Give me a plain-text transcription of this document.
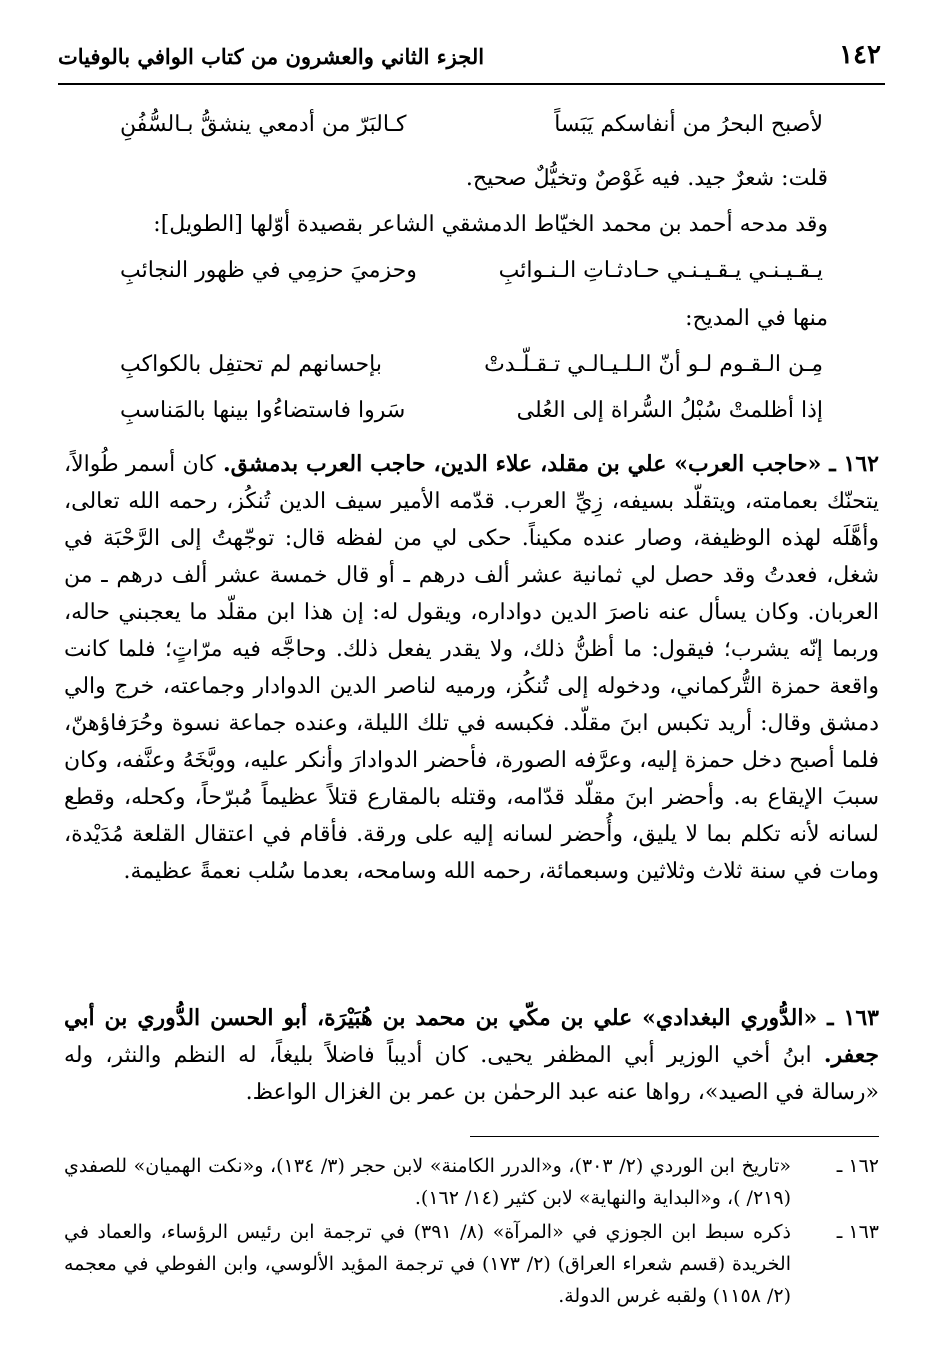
١٤٢
الجزء الثاني والعشرون من كتاب الوافي بالوفيات
لأصبح البحرُ من أنفاسكم يَبَساً
كـالبَرّ من أدمعي ينشقُّ بـالسُّفُنِ
قلت: شعرٌ جيد. فيه غَوْصٌ وتخيُّلٌ صحيح.
وقد مدحه أحمد بن محمد الخيّاط الدمشقي الشاعر بقصيدة أوّلها [الطويل]:
يـقـيـنـي يـقـيـنـي حـادثـاتِ الـنـوائبِ
وحزميَ حزمِي في ظهور النجائبِ
منها في المديح:
مِـن الـقـوم لـو أنّ الـلـيـالـي تـقـلّـدتْ
بإحسانهم لم تحتفِل بالكواكبِ
إذا أظلمتْ سُبْلُ السُّراة إلى العُلى
سَروا فاستضاءُوا بينها بالمَناسبِ
١٦٢ ـ «حاجب العرب» علي بن مقلد، علاء الدين، حاجب العرب بدمشق. كان أسمر طُوالاً، يتحنّك بعمامته، ويتقلّد بسيفه، زِيِّ العرب. قدّمه الأمير سيف الدين تُنكُز، رحمه الله تعالى، وأهَّلَه لهذه الوظيفة، وصار عنده مكيناً. حكى لي من لفظه قال: توجّهتُ إلى الرَّحْبَة في شغل، فعدتُ وقد حصل لي ثمانية عشر ألف درهم ـ أو قال خمسة عشر ألف درهم ـ من العربان. وكان يسأل عنه ناصرَ الدين دواداره، ويقول له: إن هذا ابن مقلّد ما يعجبني حاله، وربما إنّه يشرب؛ فيقول: ما أظنُّ ذلك، ولا يقدر يفعل ذلك. وحاجَّه فيه مرّاتٍ؛ فلما كانت واقعة حمزة التُّركماني، ودخوله إلى تُنكُز، ورميه لناصر الدين الدوادار وجماعته، خرج والي دمشق وقال: أريد تكبس ابنَ مقلّد. فكبسه في تلك الليلة، وعنده جماعة نسوة وحُرَفاؤهنّ، فلما أصبح دخل حمزة إليه، وعرَّفه الصورة، فأحضر الدوادارَ وأنكر عليه، ووبَّخَهُ وعنَّفه، وكان سببَ الإيقاع به. وأحضر ابنَ مقلّد قدّامه، وقتله بالمقارع قتلاً عظيماً مُبرّحاً، وكحله، وقطع لسانه لأنه تكلم بما لا يليق، وأُحضر لسانه إليه على ورقة. فأقام في اعتقال القلعة مُدَيْدة، ومات في سنة ثلاث وثلاثين وسبعمائة، رحمه الله وسامحه، بعدما سُلب نعمةً عظيمة.
١٦٣ ـ «الدُّوري البغدادي» علي بن مكّي بن محمد بن هُبَيْرَة، أبو الحسن الدُّوري بن أبي جعفر. ابنُ أخي الوزير أبي المظفر يحيى. كان أديباً فاضلاً بليغاً، له النظم والنثر، وله «رسالة في الصيد»، رواها عنه عبد الرحمٰن بن عمر بن الغزال الواعظ.
١٦٢ ـ
«تاريخ ابن الوردي (٢/ ٣٠٣)، و«الدرر الكامنة» لابن حجر (٣/ ١٣٤)، و«نكت الهميان» للصفدي (٢١٩/ )، و«البداية والنهاية» لابن كثير (١٤/ ١٦٢).
١٦٣ ـ
ذكره سبط ابن الجوزي في «المرآة» (٨/ ٣٩١) في ترجمة ابن رئيس الرؤساء، والعماد في الخريدة (قسم شعراء العراق) (٢/ ١٧٣) في ترجمة المؤيد الألوسي، وابن الفوطي في معجمه (٢/ ١١٥٨) ولقبه غرس الدولة.
